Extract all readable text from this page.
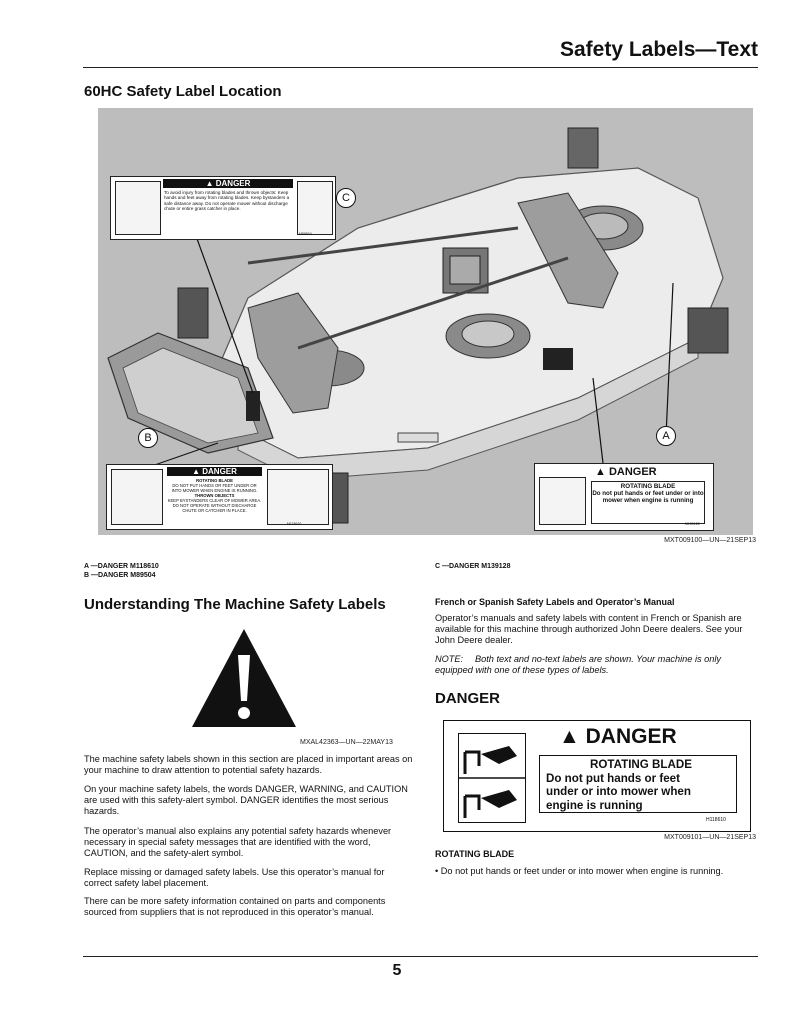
Safety Labels—Text
60HC Safety Label Location
▲ DANGER
To avoid injury from rotating blades and thrown objects: Keep hands and feet away from rotating blades. Keep bystanders a safe distance away. Do not operate mower without discharge chute or entire grass catcher in place.
M89504
C
▲ DANGER
ROTATING BLADE
DO NOT PUT HANDS OR FEET UNDER OR INTO MOWER WHEN ENGINE IS RUNNING.
THROWN OBJECTS
KEEP BYSTANDERS CLEAR OF MOWER AREA. DO NOT OPERATE WITHOUT DISCHARGE CHUTE OR CATCHER IN PLACE.
M118610
B
▲ DANGER
ROTATING BLADE
Do not put hands or feet under or into mower when engine is running
M139128
A
MXT009100—UN—21SEP13
A —DANGER M118610
B —DANGER M89504
C —DANGER M139128
Understanding The Machine Safety Labels
MXAL42363—UN—22MAY13
The machine safety labels shown in this section are placed in important areas on your machine to draw attention to potential safety hazards.
On your machine safety labels, the words DANGER, WARNING, and CAUTION are used with this safety-alert symbol. DANGER identifies the most serious hazards.
The operator’s manual also explains any potential safety hazards whenever necessary in special safety messages that are identified with the word, CAUTION, and the safety-alert symbol.
Replace missing or damaged safety labels. Use this operator’s manual for correct safety label placement.
There can be more safety information contained on parts and components sourced from suppliers that is not reproduced in this operator’s manual.
French or Spanish Safety Labels and Operator’s Manual
Operator’s manuals and safety labels with content in French or Spanish are available for this machine through authorized John Deere dealers. See your John Deere dealer.
NOTE:	Both text and no-text labels are shown. Your machine is only equipped with one of these types of labels.
DANGER
▲ DANGER
ROTATING BLADE
Do not put hands or feet
under or into mower when
engine is running
H118610
MXT009101—UN—21SEP13
ROTATING BLADE
• Do not put hands or feet under or into mower when engine is running.
5
